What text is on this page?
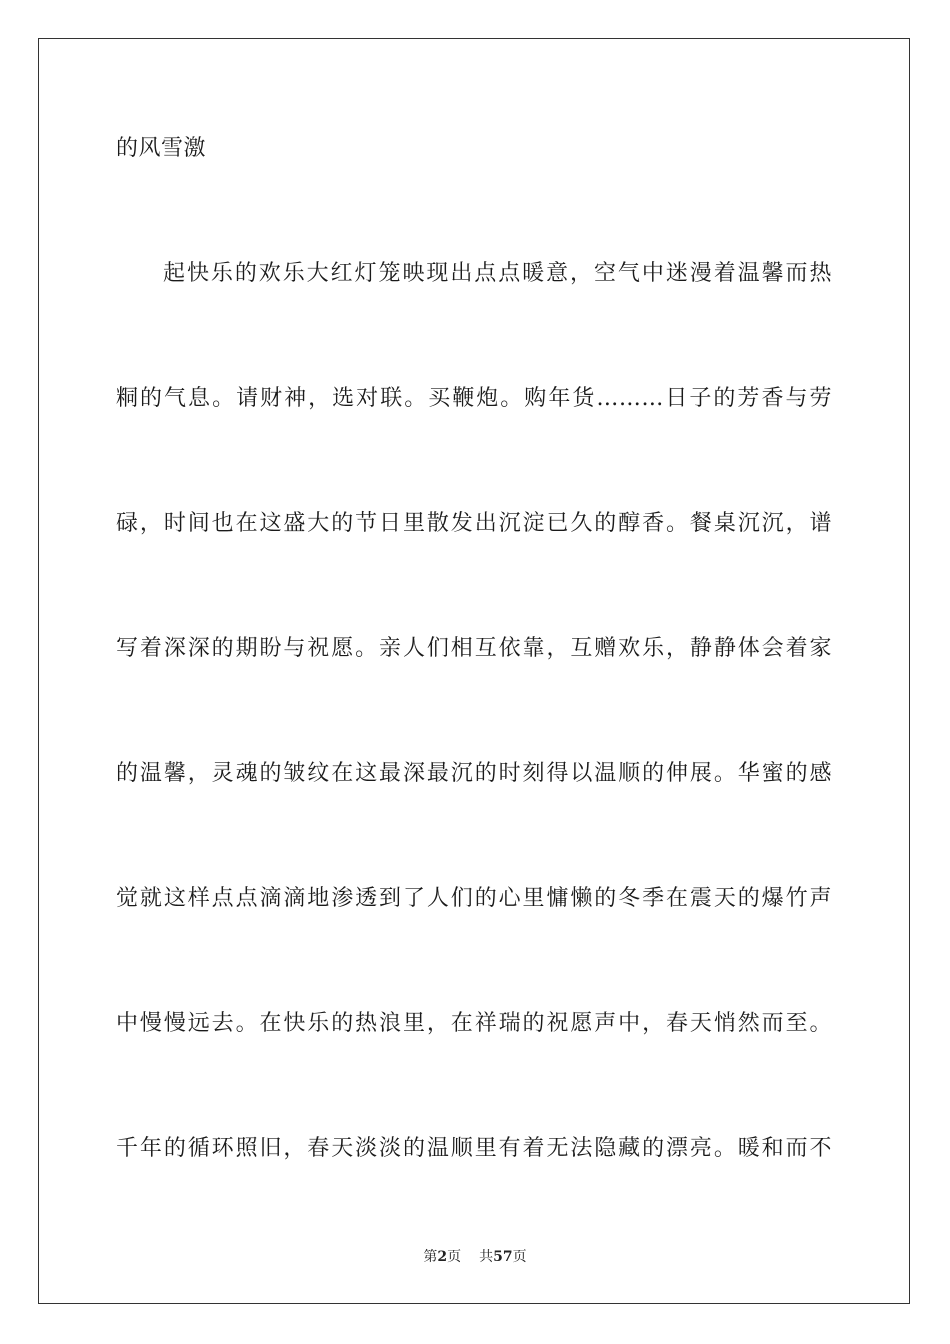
的风雪激
起快乐的欢乐大红灯笼映现出点点暖意，空气中迷漫着温馨而热
粡的气息。请财神，选对联。买鞭炮。购年货………日子的芳香与劳
碌，时间也在这盛大的节日里散发出沉淀已久的醇香。餐桌沉沉，谱
写着深深的期盼与祝愿。亲人们相互依靠，互赠欢乐，静静体会着家
的温馨，灵魂的皱纹在这最深最沉的时刻得以温顺的伸展。华蜜的感
觉就这样点点滴滴地渗透到了人们的心里慵懒的冬季在震天的爆竹声
中慢慢远去。在快乐的热浪里，在祥瑞的祝愿声中，春天悄然而至。
千年的循环照旧，春天淡淡的温顺里有着无法隐藏的漂亮。暖和而不
第2页 共57页
